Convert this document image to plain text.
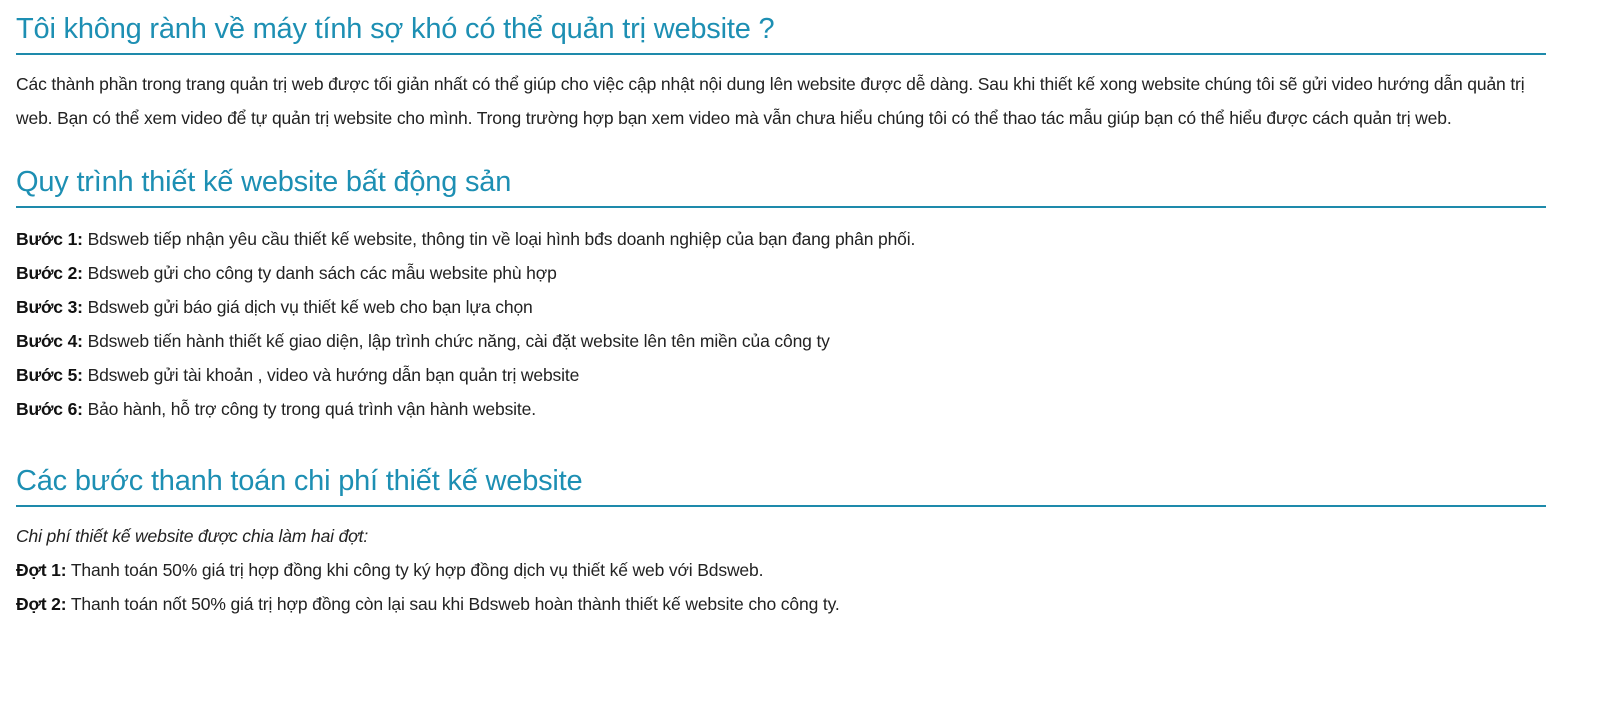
Tôi không rành về máy tính sợ khó có thể quản trị website ?

Các thành phần trong trang quản trị web được tối giản nhất có thể giúp cho việc cập nhật nội dung lên website được dễ dàng. Sau khi thiết kế xong website chúng tôi sẽ gửi video hướng dẫn quản trị web. Bạn có thể xem video để tự quản trị website cho mình. Trong trường hợp bạn xem video mà vẫn chưa hiểu chúng tôi có thể thao tác mẫu giúp bạn có thể hiểu được cách quản trị web.

Quy trình thiết kế website bất động sản
Bước 1: Bdsweb tiếp nhận yêu cầu thiết kế website, thông tin về loại hình bđs doanh nghiệp của bạn đang phân phối.
Bước 2: Bdsweb gửi cho công ty danh sách các mẫu website phù hợp
Bước 3: Bdsweb gửi báo giá dịch vụ thiết kế web cho bạn lựa chọn
Bước 4: Bdsweb tiến hành thiết kế giao diện, lập trình chức năng, cài đặt website lên tên miền của công ty
Bước 5: Bdsweb gửi tài khoản , video và hướng dẫn bạn quản trị website
Bước 6: Bảo hành, hỗ trợ công ty trong quá trình vận hành website.
Các bước thanh toán chi phí thiết kế website

Chi phí thiết kế website được chia làm hai đợt:

Đợt 1: Thanh toán 50% giá trị hợp đồng khi công ty ký hợp đồng dịch vụ thiết kế web với Bdsweb.
Đợt 2: Thanh toán nốt 50% giá trị hợp đồng còn lại sau khi Bdsweb hoàn thành thiết kế website cho công ty.
